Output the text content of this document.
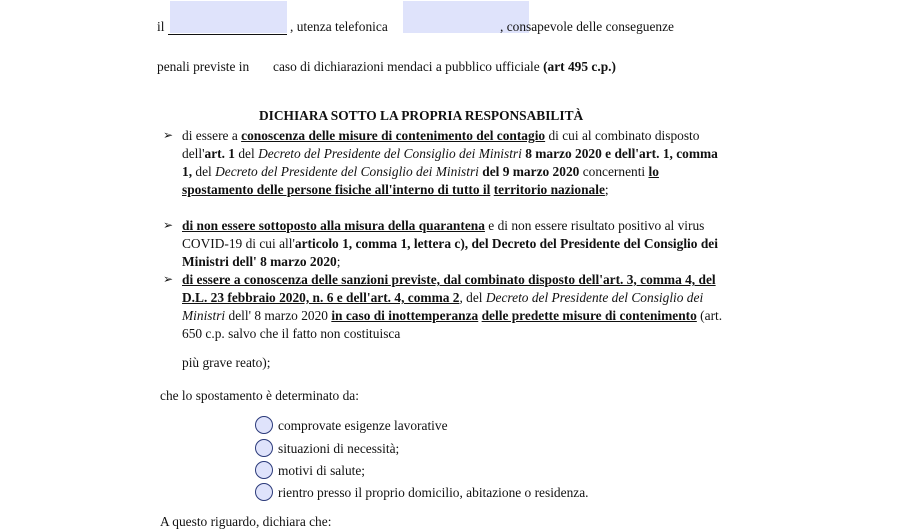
il	, utenza telefonica	, consapevole delle conseguenze
penali previste in caso di dichiarazioni mendaci a pubblico ufficiale (art 495 c.p.)
DICHIARA SOTTO LA PROPRIA RESPONSABILITÀ
➢ di essere a conoscenza delle misure di contenimento del contagio di cui al combinato disposto dell'art. 1 del Decreto del Presidente del Consiglio dei Ministri 8 marzo 2020 e dell'art. 1, comma 1, del Decreto del Presidente del Consiglio dei Ministri del 9 marzo 2020 concernenti lo spostamento delle persone fisiche all'interno di tutto il territorio nazionale;
➢ di non essere sottoposto alla misura della quarantena e di non essere risultato positivo al virus COVID-19 di cui all'articolo 1, comma 1, lettera c), del Decreto del Presidente del Consiglio dei Ministri dell' 8 marzo 2020;
➢ di essere a conoscenza delle sanzioni previste, dal combinato disposto dell'art. 3, comma 4, del D.L. 23 febbraio 2020, n. 6 e dell'art. 4, comma 2, del Decreto del Presidente del Consiglio dei Ministri dell' 8 marzo 2020 in caso di inottemperanza delle predette misure di contenimento (art. 650 c.p. salvo che il fatto non costituisca
più grave reato);
che lo spostamento è determinato da:
comprovate esigenze lavorative
situazioni di necessità;
motivi di salute;
rientro presso il proprio domicilio, abitazione o residenza.
A questo riguardo, dichiara che:
